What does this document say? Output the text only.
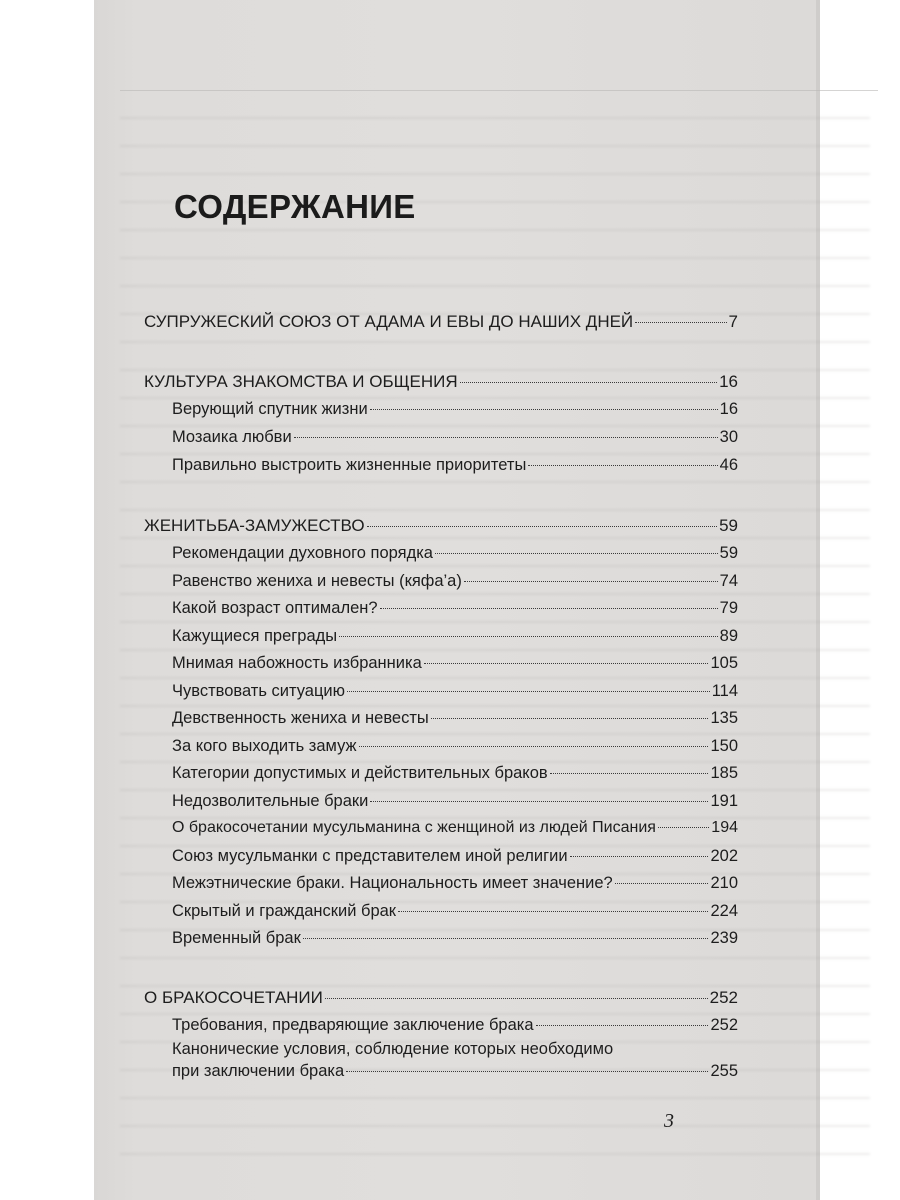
СОДЕРЖАНИЕ
СУПРУЖЕСКИЙ СОЮЗ ОТ АДАМА И ЕВЫ ДО НАШИХ ДНЕЙ	7
КУЛЬТУРА ЗНАКОМСТВА И ОБЩЕНИЯ	16
Верующий спутник жизни	16
Мозаика любви	30
Правильно выстроить жизненные приоритеты	46
ЖЕНИТЬБА-ЗАМУЖЕСТВО	59
Рекомендации духовного порядка	59
Равенство жениха и невесты (кяфа’а)	74
Какой возраст оптимален?	79
Кажущиеся преграды	89
Мнимая набожность избранника	105
Чувствовать ситуацию	114
Девственность жениха и невесты	135
За кого выходить замуж	150
Категории допустимых и действительных браков	185
Недозволительные браки	191
О бракосочетании мусульманина с женщиной из людей Писания	194
Союз мусульманки с представителем иной религии	202
Межэтнические браки. Национальность имеет значение?	210
Скрытый и гражданский брак	224
Временный брак	239
О БРАКОСОЧЕТАНИИ	252
Требования, предваряющие заключение брака	252
Канонические условия, соблюдение которых необходимо
при заключении брака	255
3
